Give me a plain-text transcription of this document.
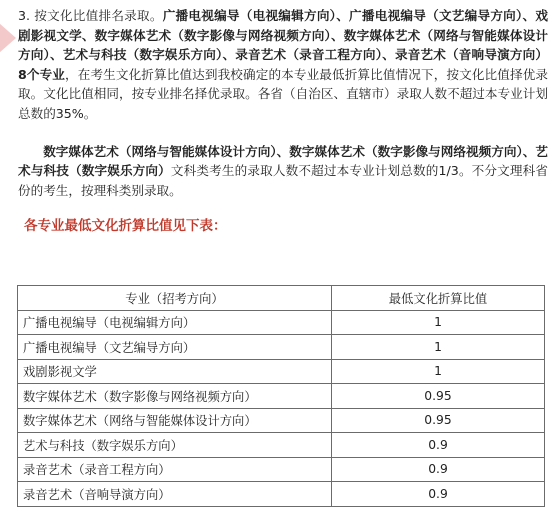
3. 按文化比值排名录取。广播电视编导（电视编辑方向）、广播电视编导（文艺编导方向）、戏剧影视文学、数字媒体艺术（数字影像与网络视频方向）、数字媒体艺术（网络与智能媒体设计方向）、艺术与科技（数字娱乐方向）、录音艺术（录音工程方向）、录音艺术（音响导演方向）8个专业，在考生文化折算比值达到我校确定的本专业最低折算比值情况下，按文化比值择优录取。文化比值相同，按专业排名择优录取。各省（自治区、直辖市）录取人数不超过本专业计划总数的35%。

数字媒体艺术（网络与智能媒体设计方向）、数字媒体艺术（数字影像与网络视频方向）、艺术与科技（数字娱乐方向）文科类考生的录取人数不超过本专业计划总数的1/3。不分文理科省份的考生，按理科类别录取。

各专业最低文化折算比值见下表：
专业（招考方向）	最低文化折算比值
广播电视编导（电视编辑方向）	1
广播电视编导（文艺编导方向）	1
戏剧影视文学	1
数字媒体艺术（数字影像与网络视频方向）	0.95
数字媒体艺术（网络与智能媒体设计方向）	0.95
艺术与科技（数字娱乐方向）	0.9
录音艺术（录音工程方向）	0.9
录音艺术（音响导演方向）	0.9
